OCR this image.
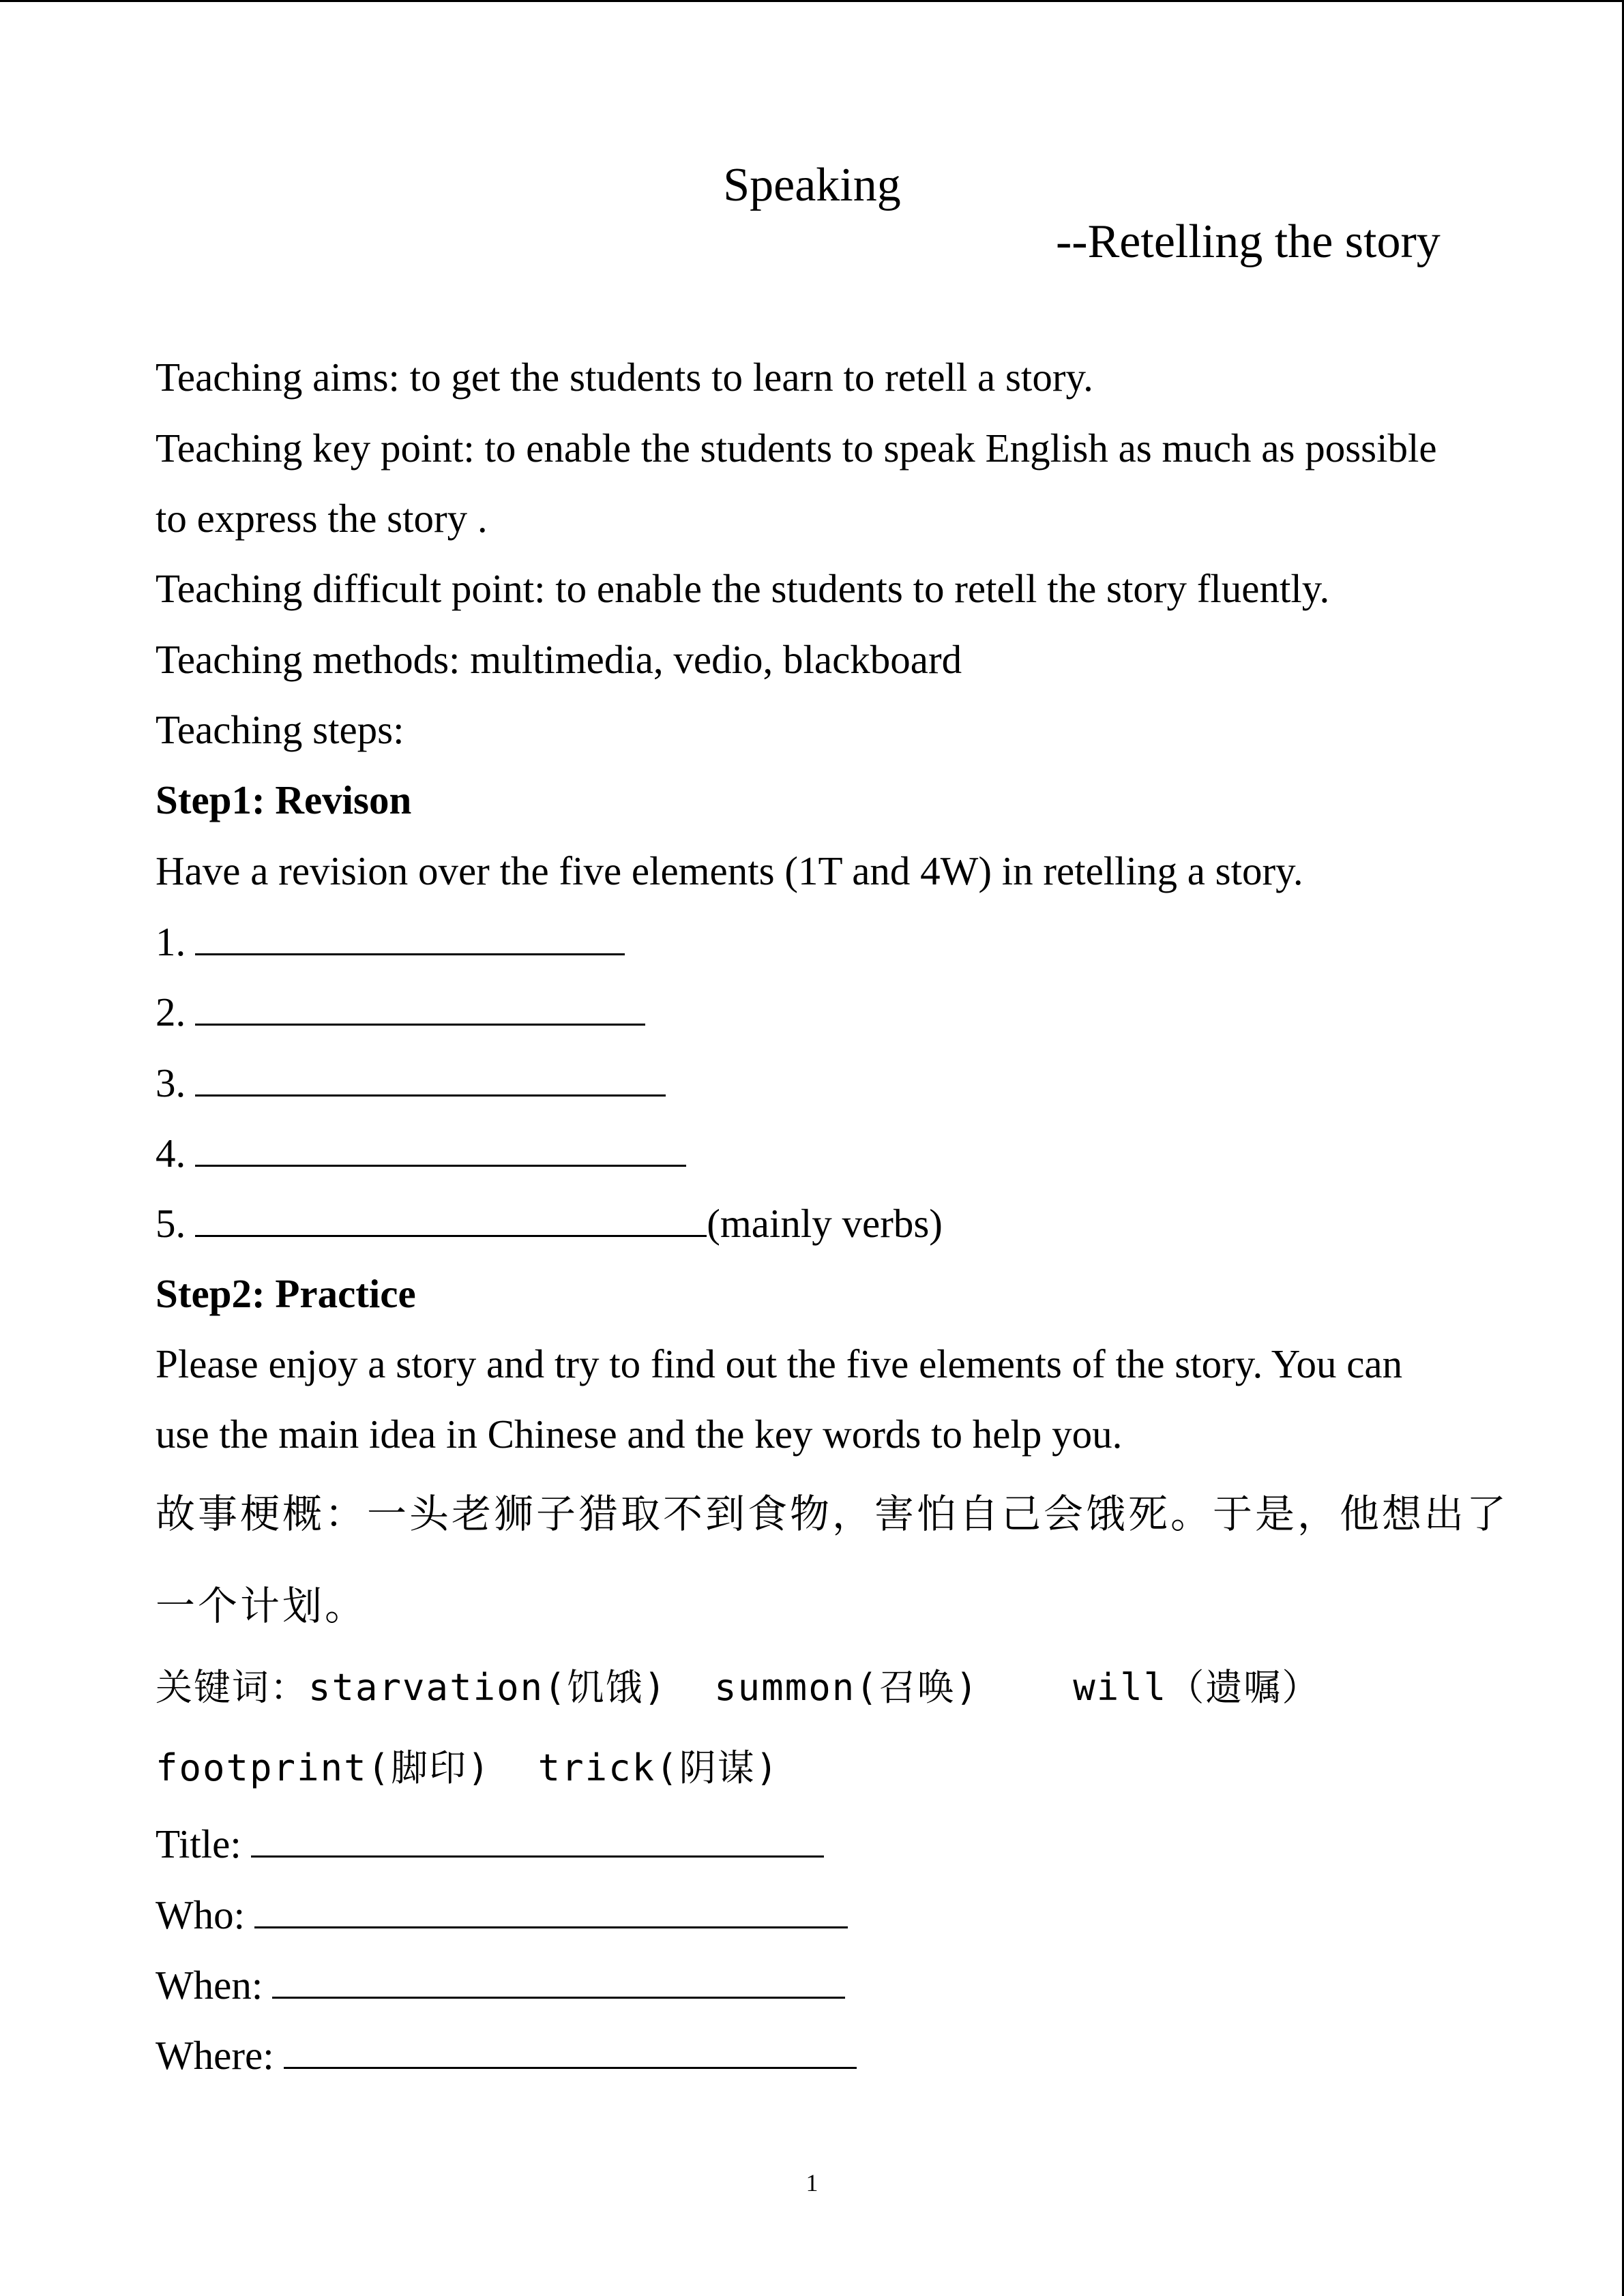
Speaking
--Retelling the story
Teaching aims: to get the students to learn to retell a story.
Teaching key point: to enable the students to speak English as much as possible
to express the story .
Teaching difficult point: to enable the students to retell the story fluently.
Teaching methods: multimedia, vedio, blackboard
Teaching steps:
Step1: Revison
Have a revision over the five elements (1T and 4W) in retelling a story.
1.
2.
3.
4.
5.	(mainly verbs)
Step2: Practice
Please enjoy a story and try to find out the five elements of the story. You can
use the main idea in Chinese and the key words to help you.
故事梗概：一头老狮子猎取不到食物，害怕自己会饿死。于是，他想出了
一个计划。
关键词：starvation(饥饿)  summon(召唤)    will（遗嘱）
footprint(脚印)  trick(阴谋)
Title:
Who:
When:
Where:
1
